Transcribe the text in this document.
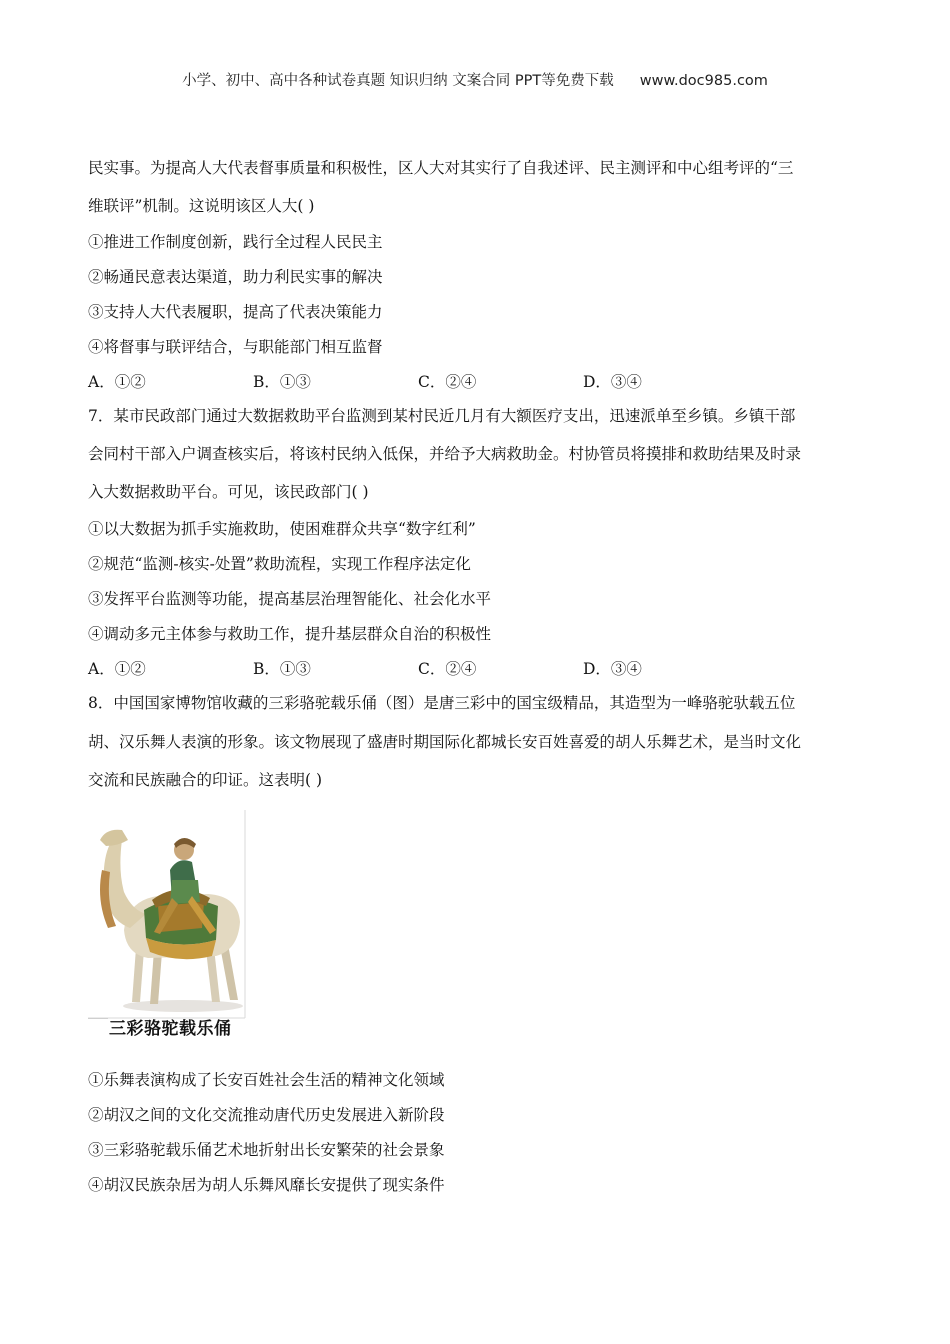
小学、初中、高中各种试卷真题 知识归纳 文案合同 PPT等免费下载 www.doc985.com
民实事。为提高人大代表督事质量和积极性，区人大对其实行了自我述评、民主测评和中心组考评的“三
维联评”机制。这说明该区人大( )
①推进工作制度创新，践行全过程人民民主
②畅通民意表达渠道，助力利民实事的解决
③支持人大代表履职，提高了代表决策能力
④将督事与联评结合，与职能部门相互监督
A．①②	B．①③	C．②④	D．③④
7．某市民政部门通过大数据救助平台监测到某村民近几月有大额医疗支出，迅速派单至乡镇。乡镇干部
会同村干部入户调查核实后，将该村民纳入低保，并给予大病救助金。村协管员将摸排和救助结果及时录
入大数据救助平台。可见，该民政部门( )
①以大数据为抓手实施救助，使困难群众共享“数字红利”
②规范“监测-核实-处置”救助流程，实现工作程序法定化
③发挥平台监测等功能，提高基层治理智能化、社会化水平
④调动多元主体参与救助工作，提升基层群众自治的积极性
A．①②	B．①③	C．②④	D．③④
8．中国国家博物馆收藏的三彩骆驼载乐俑（图）是唐三彩中的国宝级精品，其造型为一峰骆驼驮载五位
胡、汉乐舞人表演的形象。该文物展现了盛唐时期国际化都城长安百姓喜爱的胡人乐舞艺术，是当时文化
交流和民族融合的印证。这表明( )
三彩骆驼载乐俑
①乐舞表演构成了长安百姓社会生活的精神文化领域
②胡汉之间的文化交流推动唐代历史发展进入新阶段
③三彩骆驼载乐俑艺术地折射出长安繁荣的社会景象
④胡汉民族杂居为胡人乐舞风靡长安提供了现实条件
